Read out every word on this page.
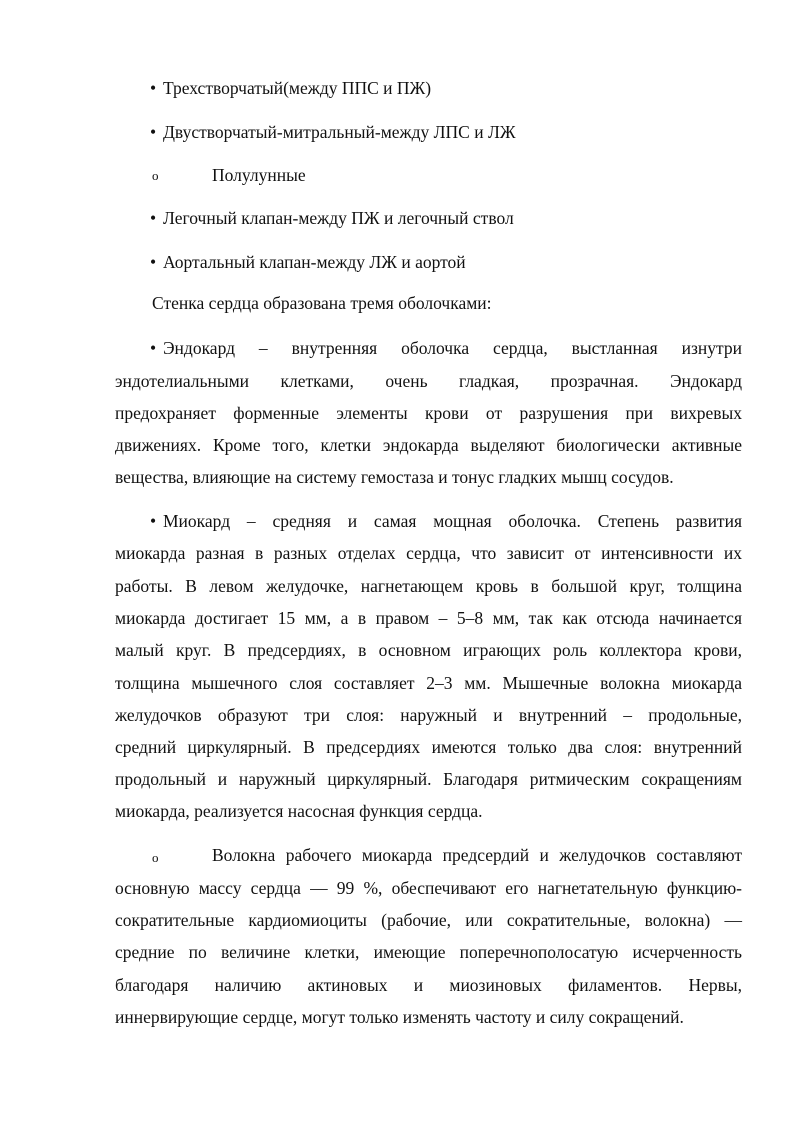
• Трехстворчатый(между ППС и ПЖ)
• Двустворчатый-митральный-между ЛПС и ЛЖ
o	Полулунные
• Легочный клапан-между ПЖ и легочный ствол
• Аортальный клапан-между ЛЖ и аортой
Стенка сердца образована тремя оболочками:
• Эндокард – внутренняя оболочка сердца, выстланная изнутри
эндотелиальными клетками, очень гладкая, прозрачная. Эндокард
предохраняет форменные элементы крови от разрушения при вихревых
движениях. Кроме того, клетки эндокарда выделяют биологически активные
вещества, влияющие на систему гемостаза и тонус гладких мышц сосудов.
• Миокард – средняя и самая мощная оболочка. Степень развития
миокарда разная в разных отделах сердца, что зависит от интенсивности их
работы. В левом желудочке, нагнетающем кровь в большой круг, толщина
миокарда достигает 15 мм, а в правом – 5–8 мм, так как отсюда начинается
малый круг. В предсердиях, в основном играющих роль коллектора крови,
толщина мышечного слоя составляет 2–3 мм. Мышечные волокна миокарда
желудочков образуют три слоя: наружный и внутренний – продольные,
средний циркулярный. В предсердиях имеются только два слоя: внутренний
продольный и наружный циркулярный. Благодаря ритмическим сокращениям
миокарда, реализуется насосная функция сердца.
o	Волокна рабочего миокарда предсердий и желудочков составляют
основную массу сердца — 99 %, обеспечивают его нагнетательную функцию-
сократительные кардиомиоциты (рабочие, или сократительные, волокна) —
средние по величине клетки, имеющие поперечнополосатую исчерченность
благодаря наличию актиновых и миозиновых филаментов. Нервы,
иннервирующие сердце, могут только изменять частоту и силу сокращений.
